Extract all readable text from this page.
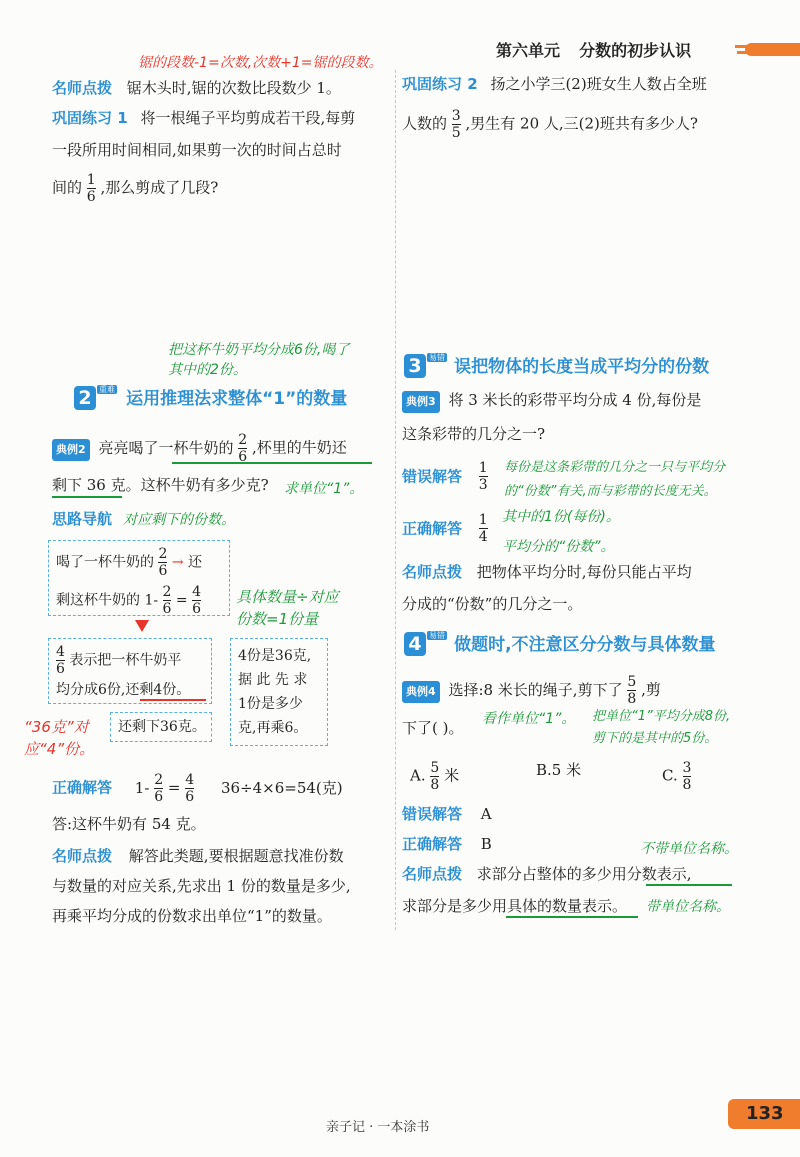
第六单元 分数的初步认识
锯的段数-1=次数,次数+1=锯的段数。
名师点拨 锯木头时,锯的次数比段数少 1。
巩固练习 1 将一根绳子平均剪成若干段,每剪
一段所用时间相同,如果剪一次的时间占总时
间的 $\frac{1}{6}$ ,那么剪成了几段?
把这杯牛奶平均分成6份,喝了其中的2份。
2 $^{重难}$ 运用推理法求整体“1”的数量
典例2 亮亮喝了一杯牛奶的 $\frac{2}{6}$ ,杯里的牛奶还
剩下 36 克。这杯牛奶有多少克? 求单位“1”。
思路导航 对应剩下的份数。
喝了一杯牛奶的 $\frac{2}{6}$ → 还
剩这杯牛奶的 $1- \frac{2}{6} = \frac{4}{6}$ 具体数量÷对应
份数=1份量
$\frac{4}{6}$ 表示把一杯牛奶平
均分成6份,还剩4份。
还剩下36克。
“36克”对
应“4”份。
4份是36克,
据 此 先 求
1份是多少
克,再乘6。
正确解答 $1- \frac{2}{6} = \frac{4}{6} 36\div 4\times 6=54$(克)
答:这杯牛奶有 54 克。
名师点拨 解答此类题,要根据题意找准份数
与数量的对应关系,先求出 1 份的数量是多少,
再乘平均分成的份数求出单位“1”的数量。
巩固练习 2 扬之小学三(2)班女生人数占全班
人数的 $\frac{3}{5}$ ,男生有 20 人,三(2)班共有多少人?
3 $^{易错}$ 误把物体的长度当成平均分的份数
典例3 将 3 米长的彩带平均分成 4 份,每份是
这条彩带的几分之一?
错误解答 $\frac{1}{3}$ 每份是这条彩带的几分之一只与平均分
的“份数”有关,而与彩带的长度无关。
正确解答 $\frac{1}{4}$ 其中的1份(每份)。
平均分的“份数”。
名师点拨 把物体平均分时,每份只能占平均
分成的“份数”的几分之一。
4 $^{易错}$ 做题时,不注意区分分数与具体数量
典例4 选择:8 米长的绳子,剪下了 $\frac{5}{8}$ ,剪
下了( )。 看作单位“1”。 把单位“1”平均分成8份,
剪下的是其中的5份。
A. $\frac{5}{8}$ 米	B.5 米	C. $\frac{3}{8}$
错误解答 A
正确解答 B	不带单位名称。
名师点拨 求部分占整体的多少用分数表示,
求部分是多少用具体的数量表示。 带单位名称。
亲子记 · 一本涂书
133
